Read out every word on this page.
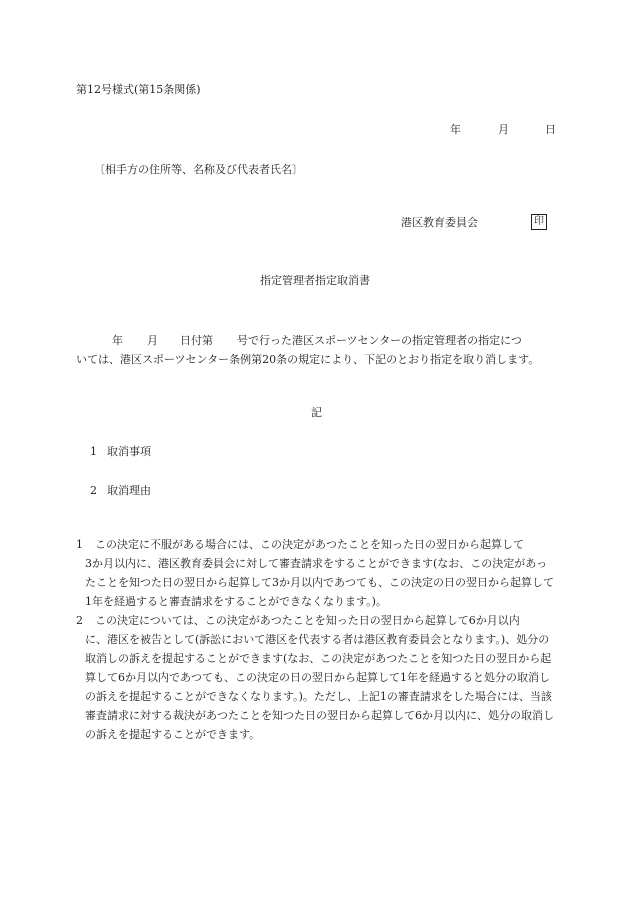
第12号様式(第15条関係)
年	月	日
〔相手方の住所等、名称及び代表者氏名〕
港区教育委員会	印
指定管理者指定取消書
年 月 日付第 号で行った港区スポーツセンターの指定管理者の指定につ
いては、港区スポーツセンター条例第20条の規定により、下記のとおり指定を取り消します。
記
1 取消事項
2 取消理由
1	この決定に不服がある場合には、この決定があつたことを知った日の翌日から起算して
3か月以内に、港区教育委員会に対して審査請求をすることができます(なお、この決定があったことを知つた日の翌日から起算して3か月以内であつても、この決定の日の翌日から起算して1年を経過すると審査請求をすることができなくなります。)。
2	この決定については、この決定があつたことを知った日の翌日から起算して6か月以内
に、港区を被告として(訴訟において港区を代表する者は港区教育委員会となります。)、処分の取消しの訴えを提起することができます(なお、この決定があつたことを知つた日の翌日から起算して6か月以内であつても、この決定の日の翌日から起算して1年を経過すると処分の取消しの訴えを提起することができなくなります。)。ただし、上記1の審査請求をした場合には、当該審査請求に対する裁決があつたことを知つた日の翌日から起算して6か月以内に、処分の取消しの訴えを提起することができます。
